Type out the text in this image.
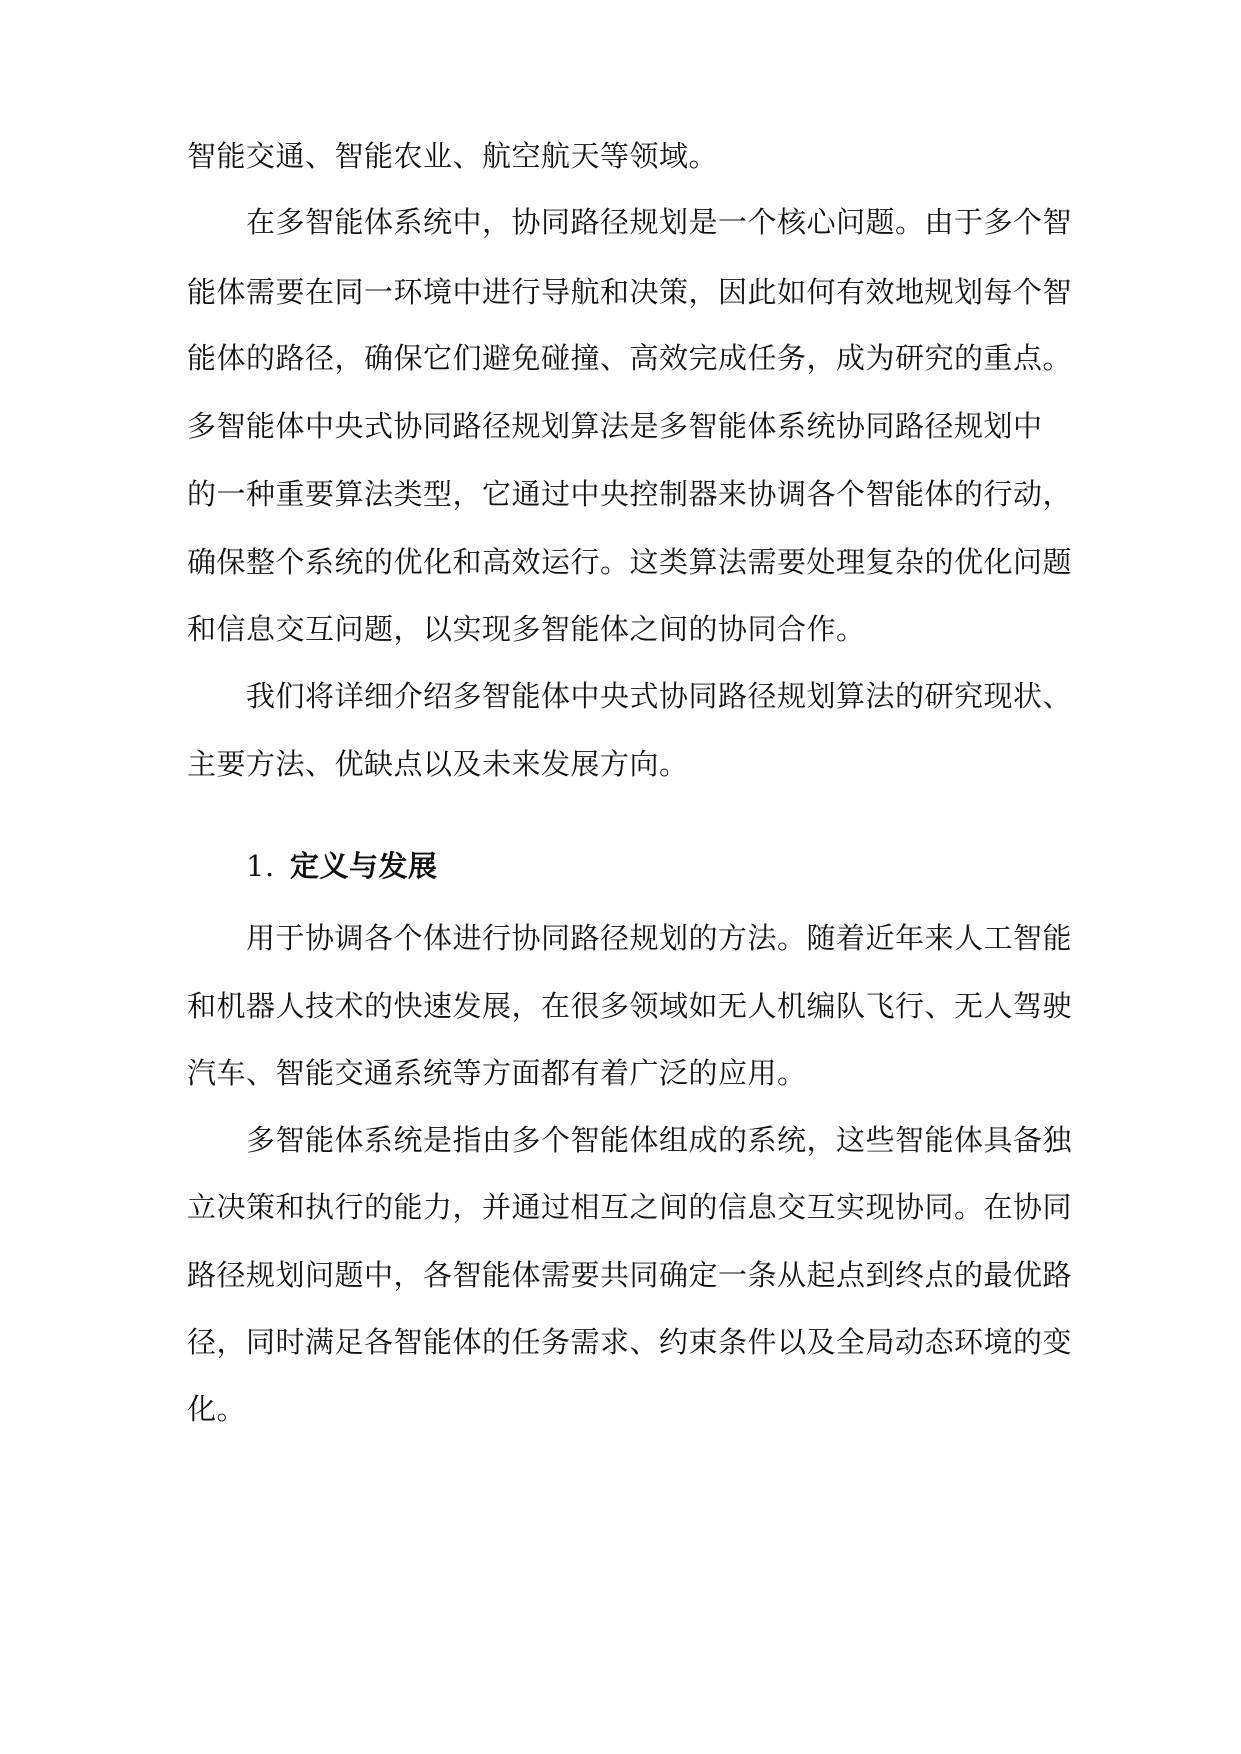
智能交通、智能农业、航空航天等领域。
在多智能体系统中，协同路径规划是一个核心问题。由于多个智
能体需要在同一环境中进行导航和决策，因此如何有效地规划每个智
能体的路径，确保它们避免碰撞、高效完成任务，成为研究的重点。
多智能体中央式协同路径规划算法是多智能体系统协同路径规划中
的一种重要算法类型，它通过中央控制器来协调各个智能体的行动，
确保整个系统的优化和高效运行。这类算法需要处理复杂的优化问题
和信息交互问题，以实现多智能体之间的协同合作。
我们将详细介绍多智能体中央式协同路径规划算法的研究现状、
主要方法、优缺点以及未来发展方向。
1. 定义与发展
用于协调各个体进行协同路径规划的方法。随着近年来人工智能
和机器人技术的快速发展，在很多领域如无人机编队飞行、无人驾驶
汽车、智能交通系统等方面都有着广泛的应用。
多智能体系统是指由多个智能体组成的系统，这些智能体具备独
立决策和执行的能力，并通过相互之间的信息交互实现协同。在协同
路径规划问题中，各智能体需要共同确定一条从起点到终点的最优路
径，同时满足各智能体的任务需求、约束条件以及全局动态环境的变
化。
